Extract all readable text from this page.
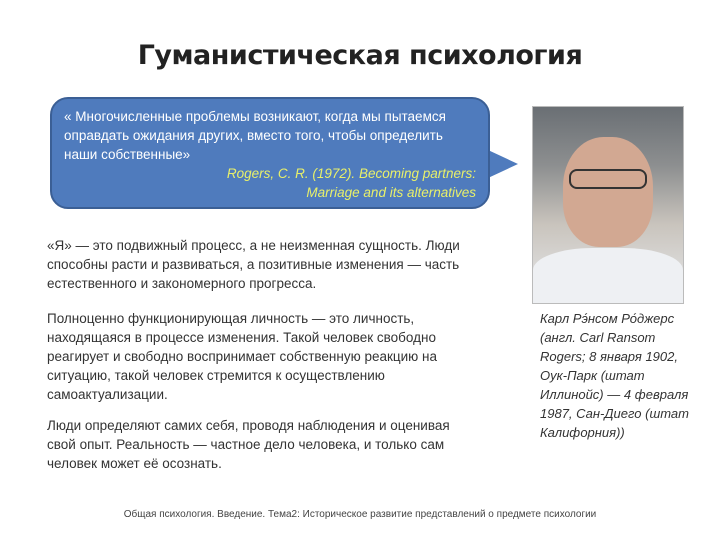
Гуманистическая психология
« Многочисленные проблемы возникают, когда мы пытаемся оправдать ожидания других, вместо того, чтобы определить наши собственные»
Rogers, C. R. (1972). Becoming partners:
Marriage and its alternatives
«Я» — это подвижный процесс, а не неизменная сущность. Люди способны расти и развиваться, а позитивные изменения — часть естественного и закономерного прогресса.
Полноценно функционирующая личность — это личность, находящаяся в процессе изменения. Такой человек свободно реагирует и свободно воспринимает собственную реакцию на ситуацию, такой человек стремится к осуществлению самоактуализации.
Люди определяют самих себя, проводя наблюдения и оценивая свой опыт. Реальность — частное дело человека, и только сам человек может её осознать.
Карл Рэ́нсом Ро́джерс (англ. Carl Ransom Rogers; 8 января 1902, Оук-Парк (штат Иллинойс) — 4 февраля 1987, Сан-Диего (штат Калифорния))
Общая психология. Введение. Тема2: Историческое развитие представлений о предмете психологии
